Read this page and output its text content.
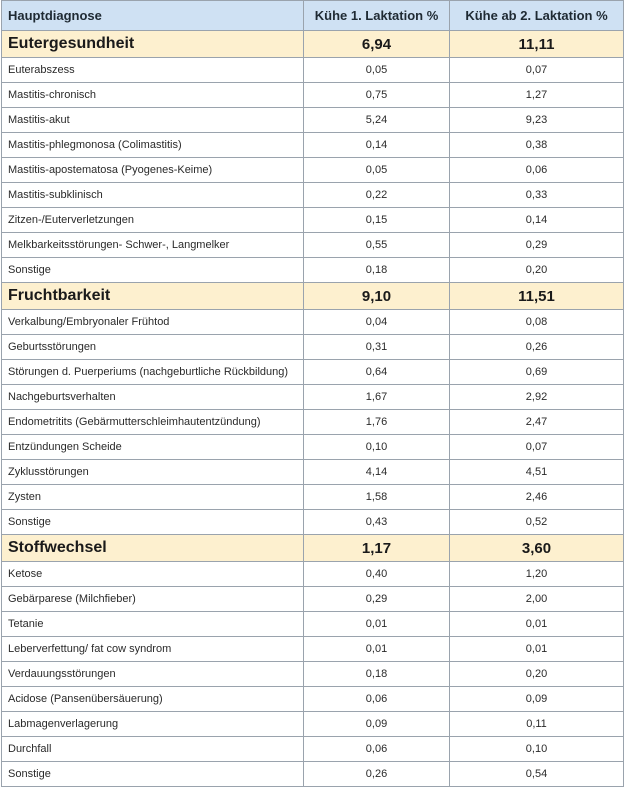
Hauptdiagnose	Kühe 1. Laktation %	Kühe ab 2. Laktation %
Eutergesundheit	6,94	11,11
Euterabszess	0,05	0,07
Mastitis-chronisch	0,75	1,27
Mastitis-akut	5,24	9,23
Mastitis-phlegmonosa (Colimastitis)	0,14	0,38
Mastitis-apostematosa (Pyogenes-Keime)	0,05	0,06
Mastitis-subklinisch	0,22	0,33
Zitzen-/Euterverletzungen	0,15	0,14
Melkbarkeitsstörungen- Schwer-, Langmelker	0,55	0,29
Sonstige	0,18	0,20
Fruchtbarkeit	9,10	11,51
Verkalbung/Embryonaler Frühtod	0,04	0,08
Geburtsstörungen	0,31	0,26
Störungen d. Puerperiums (nachgeburtliche Rückbildung)	0,64	0,69
Nachgeburtsverhalten	1,67	2,92
Endometritits (Gebärmutterschleimhautentzündung)	1,76	2,47
Entzündungen Scheide	0,10	0,07
Zyklusstörungen	4,14	4,51
Zysten	1,58	2,46
Sonstige	0,43	0,52
Stoffwechsel	1,17	3,60
Ketose	0,40	1,20
Gebärparese (Milchfieber)	0,29	2,00
Tetanie	0,01	0,01
Leberverfettung/ fat cow syndrom	0,01	0,01
Verdauungsstörungen	0,18	0,20
Acidose (Pansenübersäuerung)	0,06	0,09
Labmagenverlagerung	0,09	0,11
Durchfall	0,06	0,10
Sonstige	0,26	0,54
